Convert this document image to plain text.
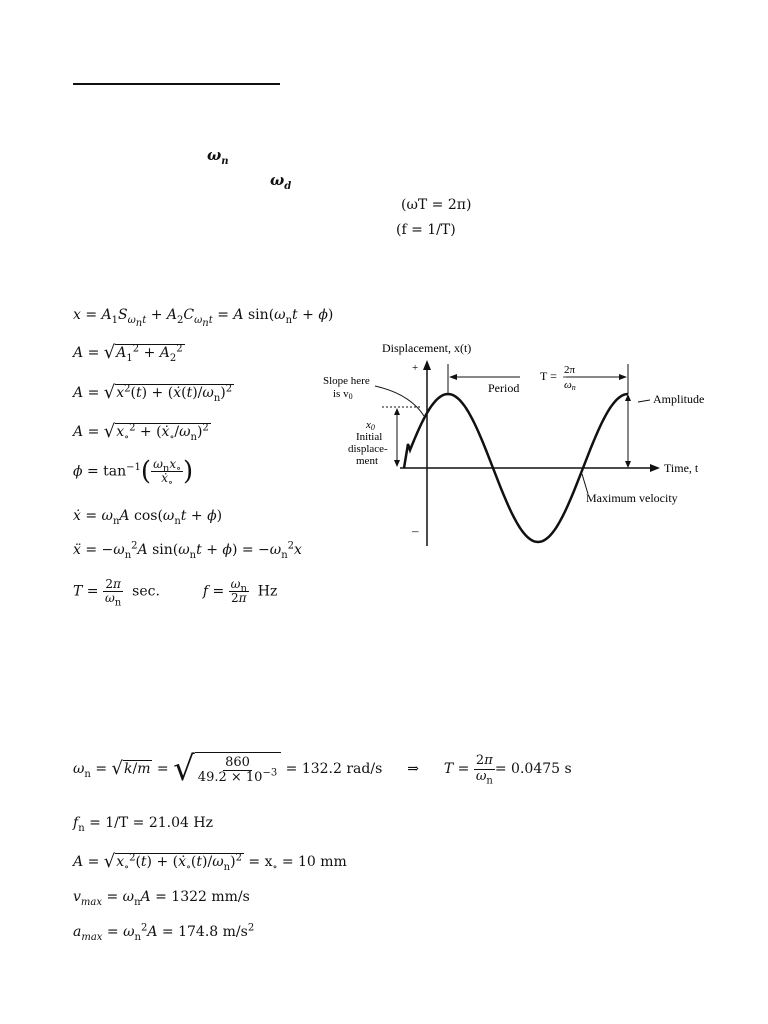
$\omega_n$
$\omega_d$
(ωT = 2π)
(f = 1/T)
$x = A_1S_{\omega_nt} + A_2C_{\omega_nt} = A$ $\sin(\omega_nt + \phi)$
A = √ $A_1^2 + A_2^2$
A = √ $x^2(t)$ + $(ẋ(t)/\omega_n)^2$
A = √ $x_\circ^2$ + $(ẋ_\circ/\omega_n)^2$
$\phi = \tan^{-1}( \frac{\omega_nx_\circ}{ẋ_\circ}$ )
ẋ = $\omega_nA$ $\cos(\omega_nt + \phi)$
ẍ = $-\omega_n^2A$ $\sin(\omega_nt + \phi) = -\omega_n^2x$
$T = \frac{2\pi}{\omega_n} \sec$.	$f = \frac{\omega_n}{2\pi}$ Hz
Displacement, x(t)
+
–
Time, t
Period
T = 2π
ωn
Slope here
is v0
x0
Initial
displace-
ment
Amplitude
Maximum velocity
$\omega_n$ = √ k/m = √ $\frac{860}{49.2 \times 10^{-3}} = 132.2$ rad/s ⇒ $T = \frac{2\pi}{\omega_n} = 0.0475$ s
$f_n = 1/T = 21.04$ Hz
A = √ $x_\circ^2(t)$ + $(ẋ_\circ(t)/\omega_n)^2 = x_\circ = 10$ mm
$v_{max} = \omega_nA = 1322$ mm/s
$a_{max} = \omega_n^2A = 174.8$ $m/s^2$
